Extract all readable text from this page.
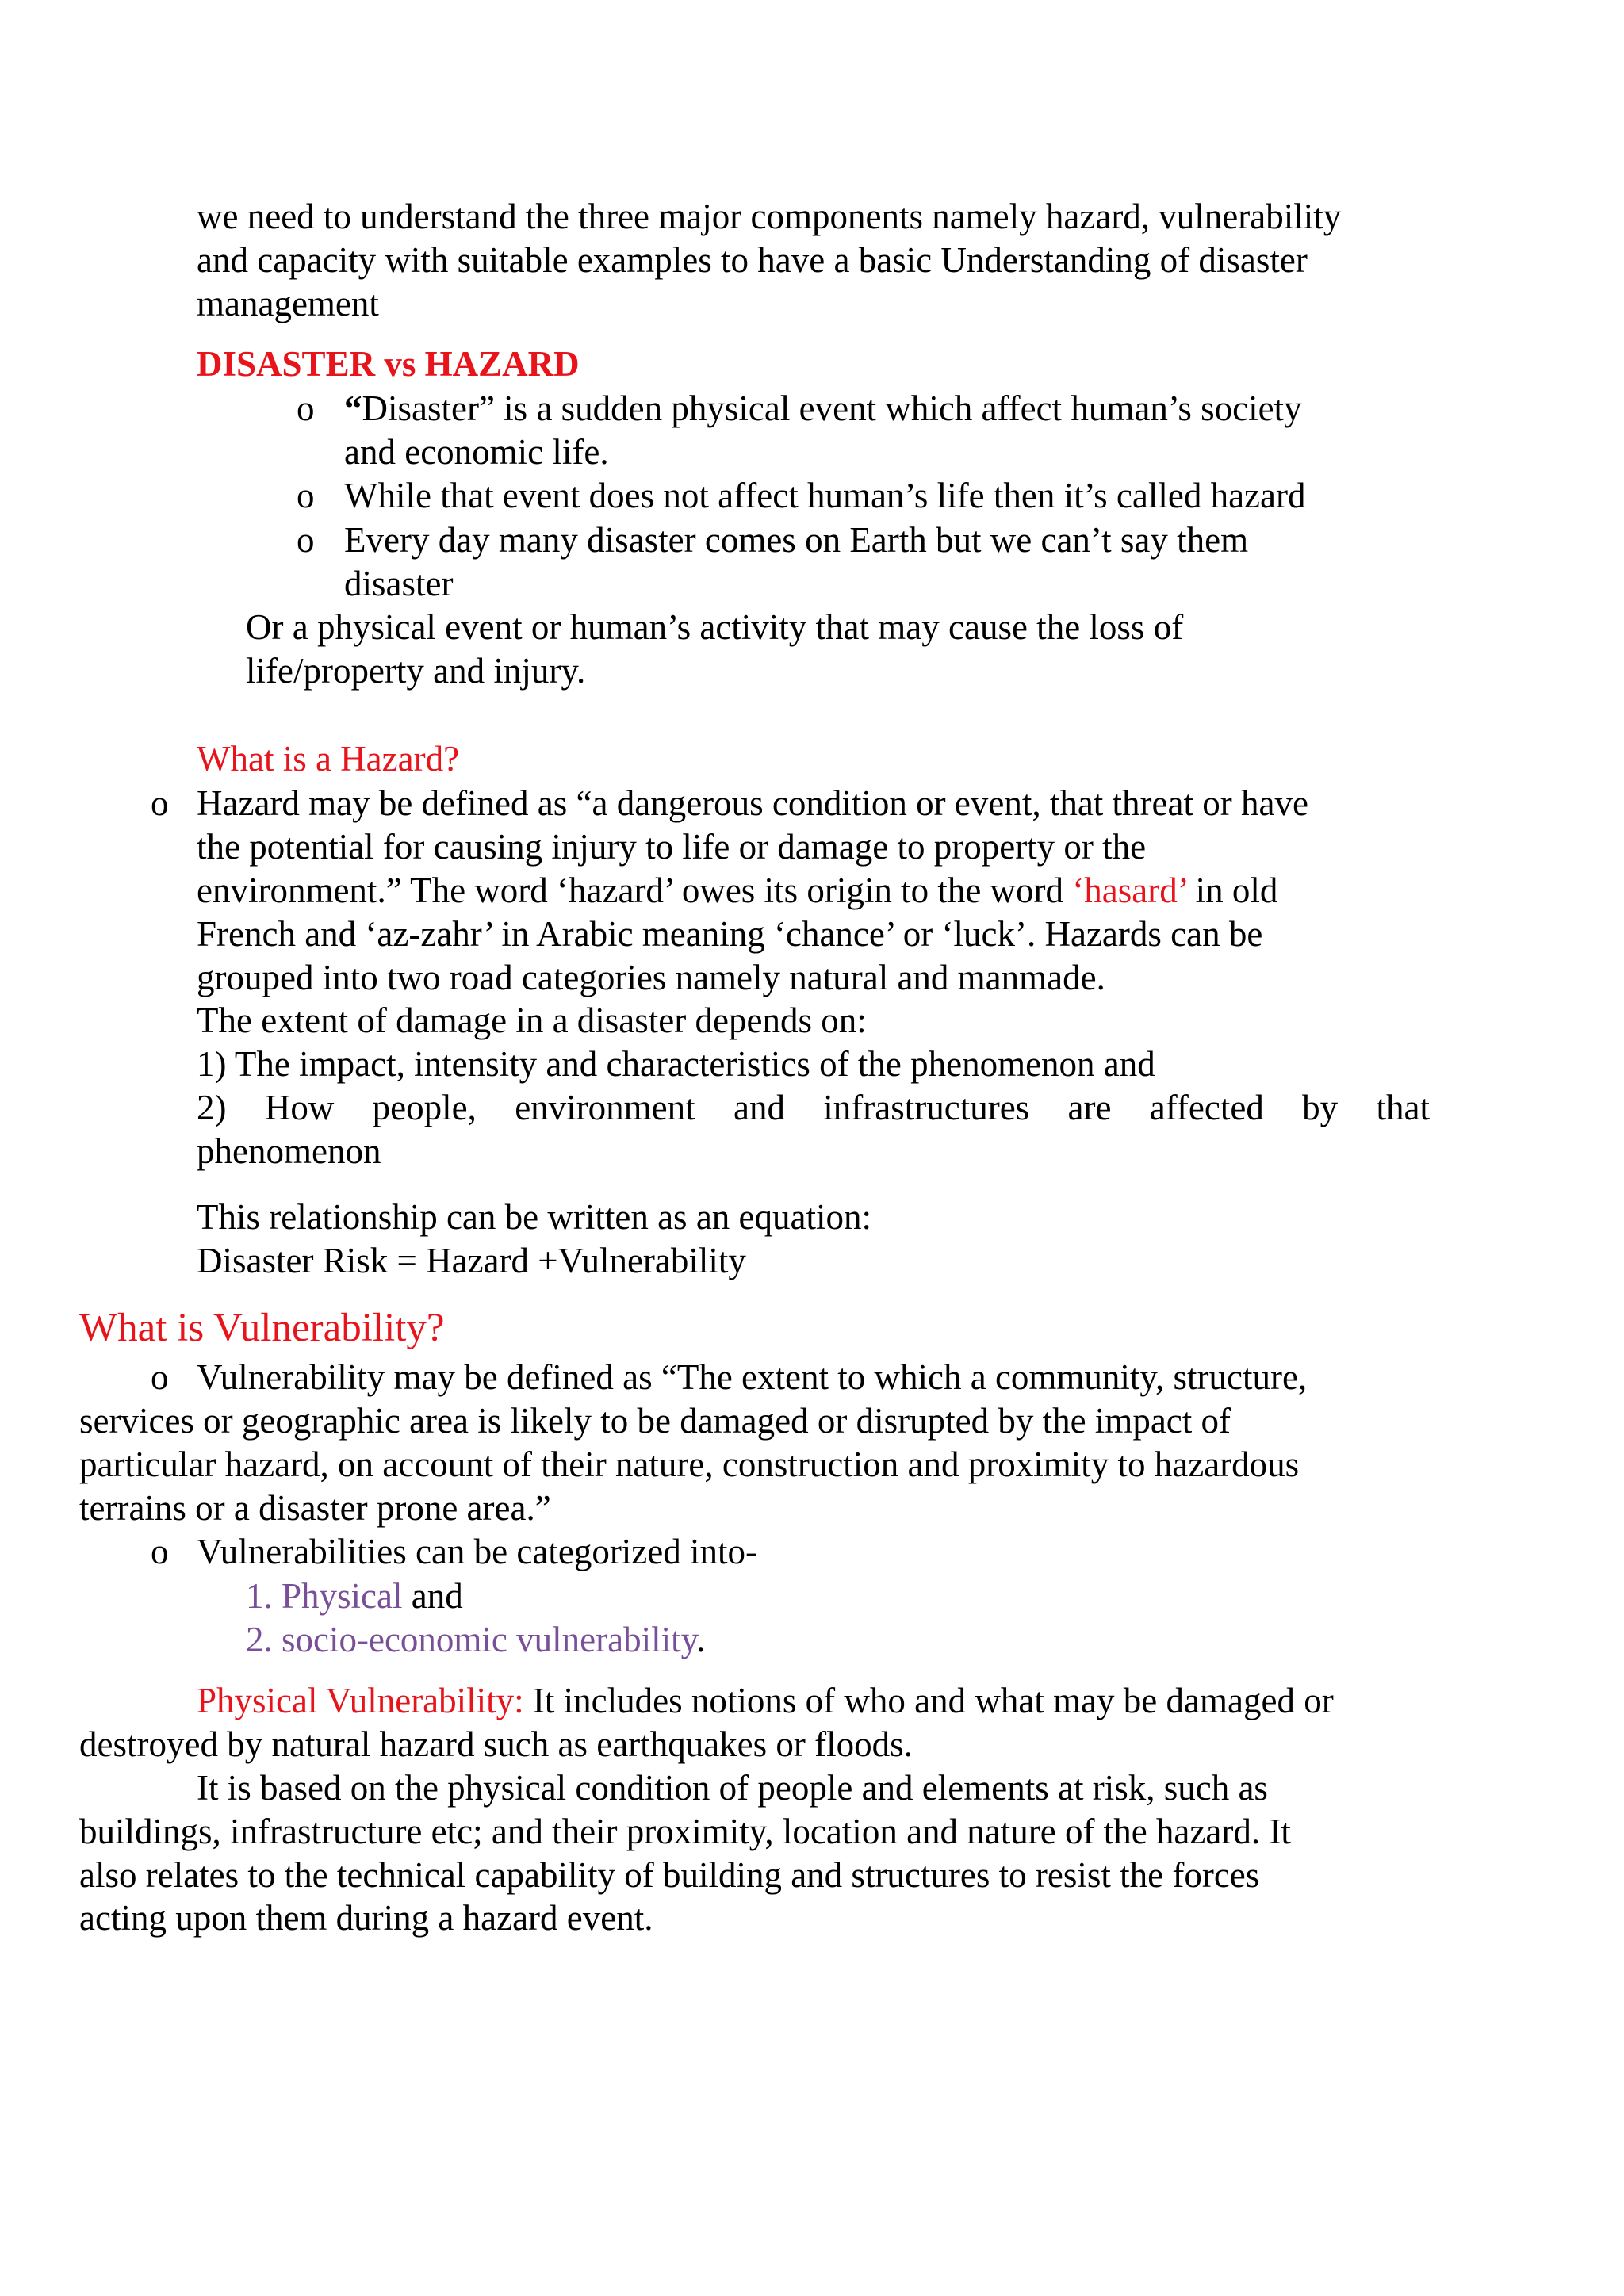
we need to understand the three major components namely hazard, vulnerability

and capacity with suitable examples to have a basic Understanding of disaster

management

DISASTER vs HAZARD
o “Disaster” is a sudden physical event which affect human’s society

and economic life.

o While that event does not affect human’s life then it’s called hazard

o Every day many disaster comes on Earth but we can’t say them

disaster

Or a physical event or human’s activity that may cause the loss of

life/property and injury.

What is a Hazard?
o Hazard may be defined as “a dangerous condition or event, that threat or have

the potential for causing injury to life or damage to property or the

environment.” The word ‘hazard’ owes its origin to the word ‘hasard’ in old

French and ‘az-zahr’ in Arabic meaning ‘chance’ or ‘luck’. Hazards can be

grouped into two road categories namely natural and manmade.

The extent of damage in a disaster depends on:

1) The impact, intensity and characteristics of the phenomenon and

2) How people, environment and infrastructures are affected by that

phenomenon

This relationship can be written as an equation:

Disaster Risk = Hazard +Vulnerability

What is Vulnerability?

o Vulnerability may be defined as “The extent to which a community, structure,

services or geographic area is likely to be damaged or disrupted by the impact of

particular hazard, on account of their nature, construction and proximity to hazardous

terrains or a disaster prone area.”

o Vulnerabilities can be categorized into-

1. Physical and

2. socio-economic vulnerability.

Physical Vulnerability: It includes notions of who and what may be damaged or

destroyed by natural hazard such as earthquakes or floods.

It is based on the physical condition of people and elements at risk, such as

buildings, infrastructure etc; and their proximity, location and nature of the hazard. It

also relates to the technical capability of building and structures to resist the forces

acting upon them during a hazard event.
